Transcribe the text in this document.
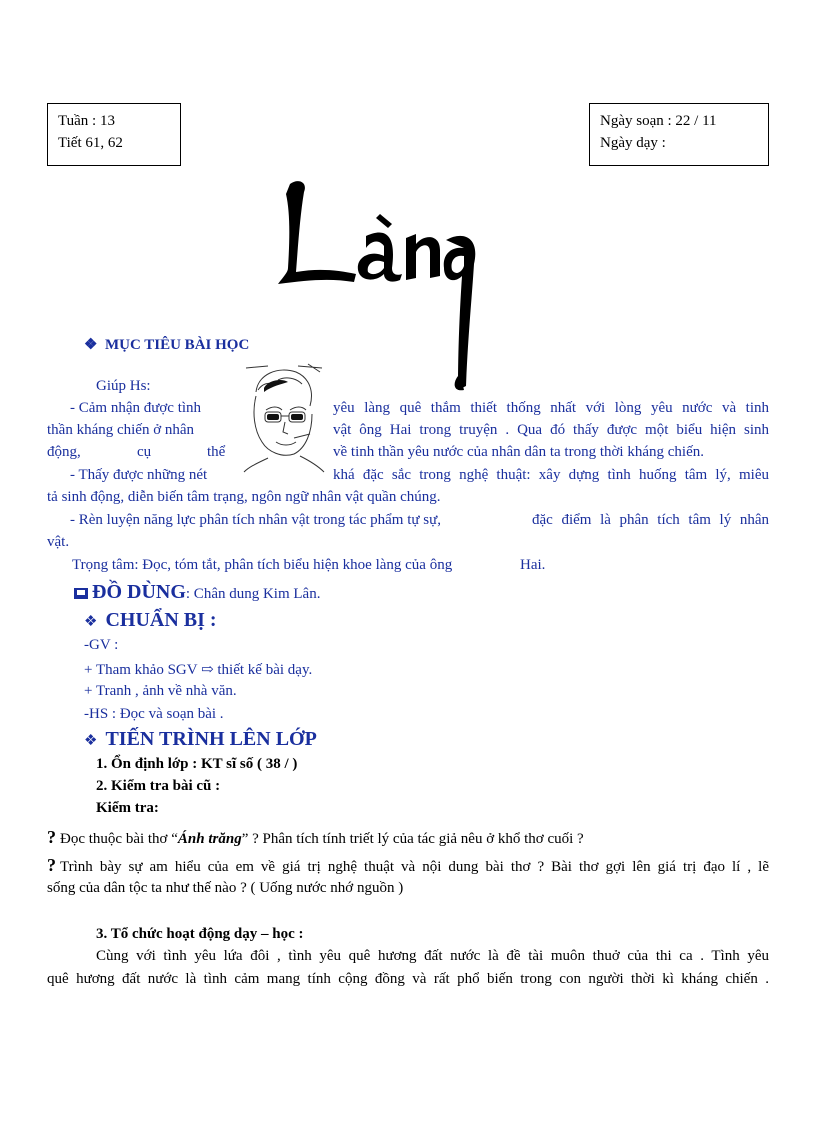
Tuần : 13
Tiết 61, 62
Ngày soạn : 22 / 11
Ngày dạy :
❖ MỤC TIÊU BÀI HỌC
Giúp Hs:
- Cảm nhận được tình	yêu làng quê thắm thiết thống nhất với lòng yêu nước và tinh
thần kháng chiến ở nhân	vật ông Hai trong truyện . Qua đó thấy được một biểu hiện sinh
động,	cụ	thể	về tinh thần yêu nước của nhân dân ta trong thời kháng chiến.
- Thấy được những nét	khá đặc sắc trong nghệ thuật: xây dựng tình huống tâm lý, miêu
tả sinh động, diễn biến tâm trạng, ngôn ngữ nhân vật quần chúng.
- Rèn luyện năng lực phân tích nhân vật trong tác phẩm tự sự,	đặc điểm là phân tích tâm lý nhân
vật.
Trọng tâm: Đọc, tóm tắt, phân tích biểu hiện khoe làng của ông	Hai.
ĐỒ DÙNG: Chân dung Kim Lân.
❖ CHUẨN BỊ :
-GV :
+ Tham khảo SGV ⇨ thiết kế bài dạy.
+ Tranh , ảnh về nhà văn.
-HS : Đọc và soạn bài .
❖ TIẾN TRÌNH LÊN LỚP
1. Ổn định lớp : KT sĩ số ( 38 / )
2. Kiểm tra bài cũ :
Kiểm tra:
? Đọc thuộc bài thơ “Ánh trăng” ? Phân tích tính triết lý của tác giả nêu ở khổ thơ cuối ?
? Trình bày sự am hiểu của em về giá trị nghệ thuật và nội dung bài thơ ? Bài thơ gợi lên giá trị đạo lí , lẽ
sống của dân tộc ta như thế nào ? ( Uống nước nhớ nguồn )
3. Tổ chức hoạt động dạy – học :
Cùng với tình yêu lứa đôi , tình yêu quê hương đất nước là đề tài muôn thuở của thi ca . Tình yêu
quê hương đất nước là tình cảm mang tính cộng đồng và rất phổ biến trong con người thời kì kháng chiến .
